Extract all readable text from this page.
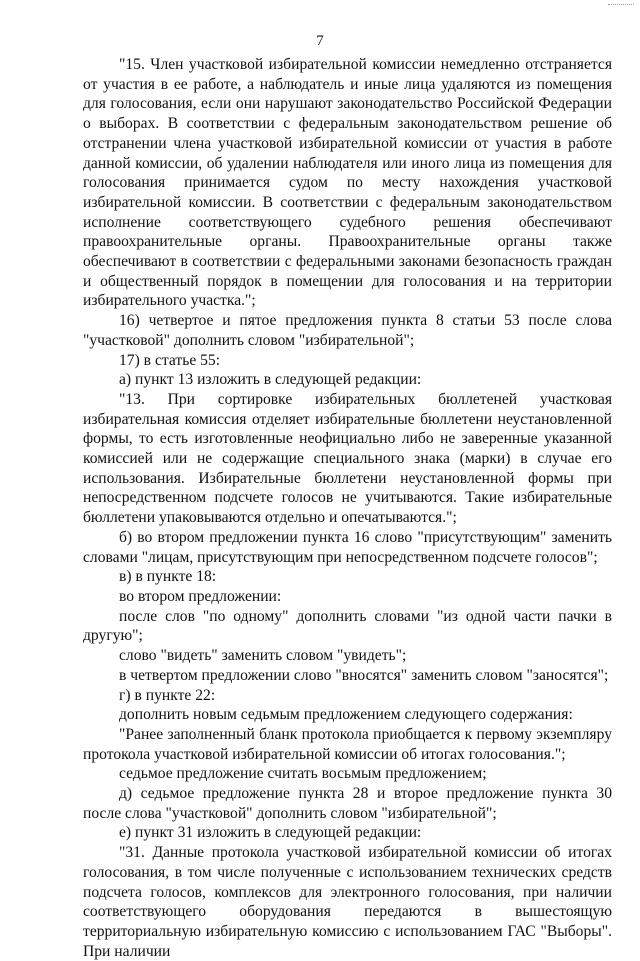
7

"15. Член участковой избирательной комиссии немедленно отстраняется от участия в ее работе, а наблюдатель и иные лица удаляются из помещения для голосования, если они нарушают законодательство Российской Федерации о выборах. В соответствии с федеральным законодательством решение об отстранении члена участковой избирательной комиссии от участия в работе данной комиссии, об удалении наблюдателя или иного лица из помещения для голосования принимается судом по месту нахождения участковой избирательной комиссии. В соответствии с федеральным законодательством исполнение соответствующего судебного решения обеспечивают правоохранительные органы. Правоохранительные органы также обеспечивают в соответствии с федеральными законами безопасность граждан и общественный порядок в помещении для голосования и на территории избирательного участка.";

16) четвертое и пятое предложения пункта 8 статьи 53 после слова "участковой" дополнить словом "избирательной";

17) в статье 55:

а) пункт 13 изложить в следующей редакции:

"13. При сортировке избирательных бюллетеней участковая избирательная комиссия отделяет избирательные бюллетени неустановленной формы, то есть изготовленные неофициально либо не заверенные указанной комиссией или не содержащие специального знака (марки) в случае его использования. Избирательные бюллетени неустановленной формы при непосредственном подсчете голосов не учитываются. Такие избирательные бюллетени упаковываются отдельно и опечатываются.";

б) во втором предложении пункта 16 слово "присутствующим" заменить словами "лицам, присутствующим при непосредственном подсчете голосов";

в) в пункте 18:

во втором предложении:

после слов "по одному" дополнить словами "из одной части пачки в другую";

слово "видеть" заменить словом "увидеть";

в четвертом предложении слово "вносятся" заменить словом "заносятся";

г) в пункте 22:

дополнить новым седьмым предложением следующего содержания:

"Ранее заполненный бланк протокола приобщается к первому экземпляру протокола участковой избирательной комиссии об итогах голосования.";

седьмое предложение считать восьмым предложением;

д) седьмое предложение пункта 28 и второе предложение пункта 30 после слова "участковой" дополнить словом "избирательной";

е) пункт 31 изложить в следующей редакции:

"31. Данные протокола участковой избирательной комиссии об итогах голосования, в том числе полученные с использованием технических средств подсчета голосов, комплексов для электронного голосования, при наличии соответствующего оборудования передаются в вышестоящую территориальную избирательную комиссию с использованием ГАС "Выборы". При наличии
